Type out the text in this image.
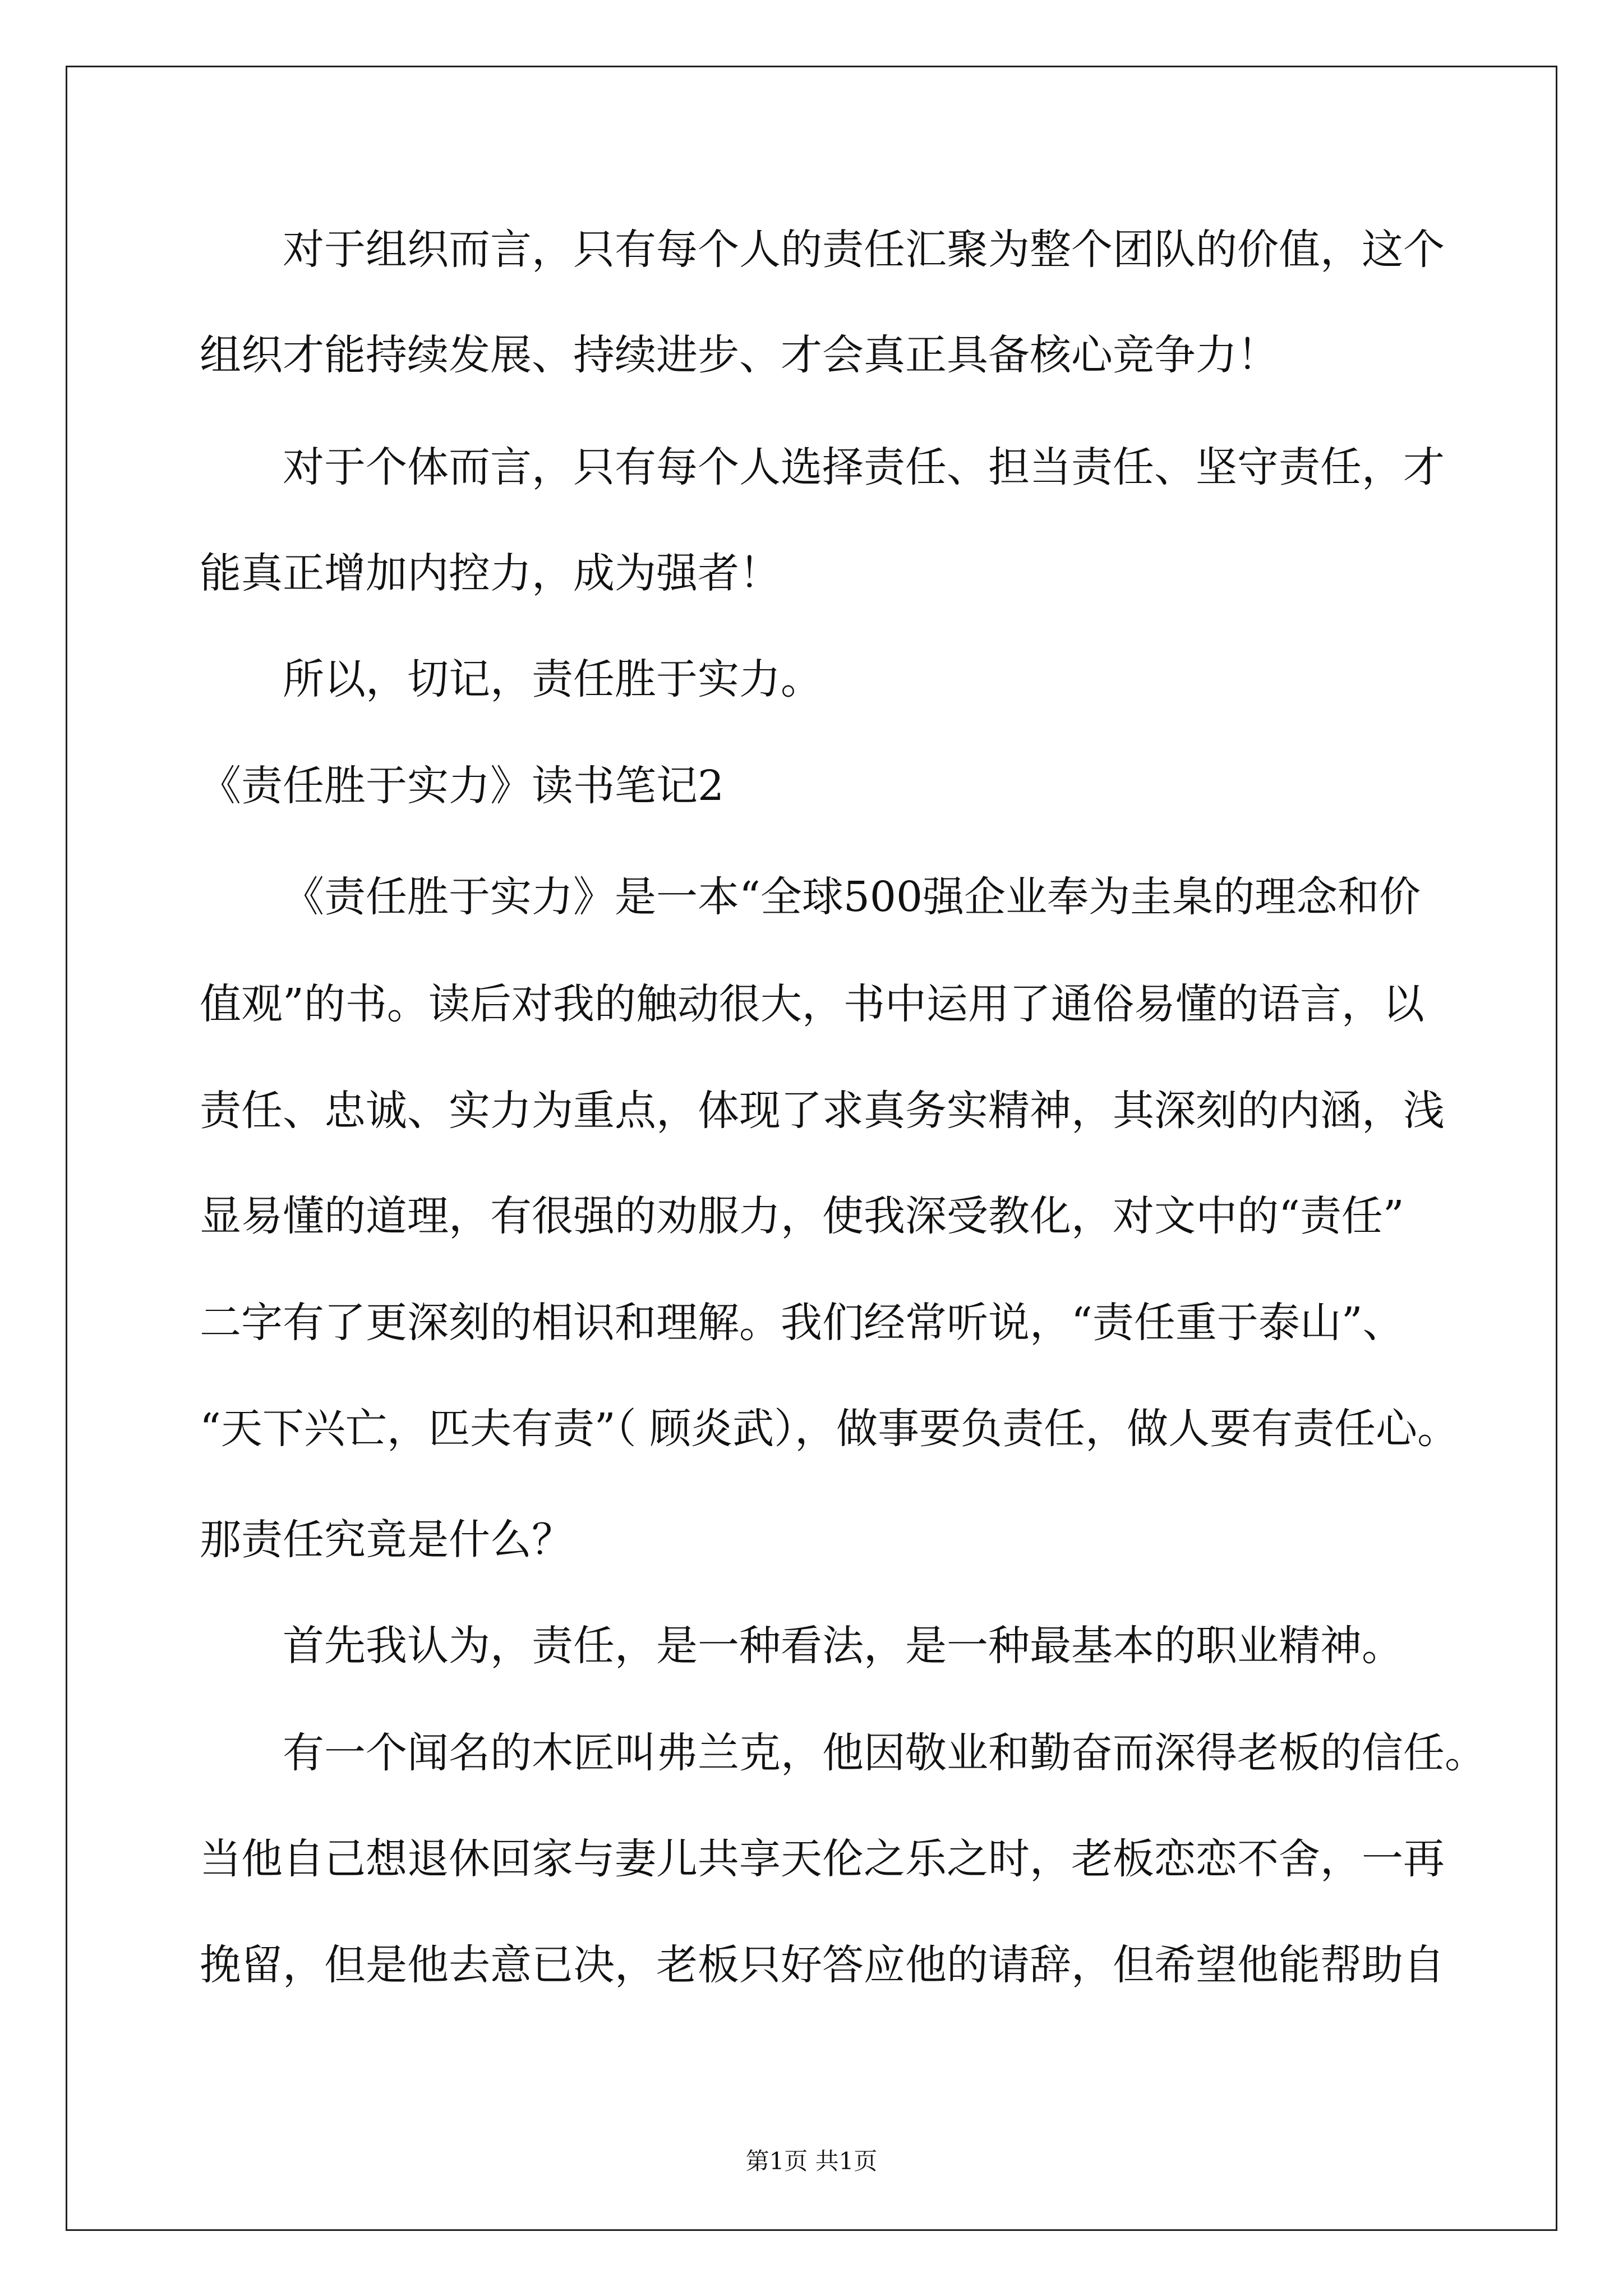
对于组织而言，只有每个人的责任汇聚为整个团队的价值，这个
组织才能持续发展、持续进步、才会真正具备核心竞争力！
对于个体而言，只有每个人选择责任、担当责任、坚守责任，才
能真正增加内控力，成为强者！
所以，切记，责任胜于实力。
《责任胜于实力》读书笔记2
《责任胜于实力》是一本“全球500强企业奉为圭臬的理念和价
值观”的书。读后对我的触动很大，书中运用了通俗易懂的语言，以
责任、忠诚、实力为重点，体现了求真务实精神，其深刻的内涵，浅
显易懂的道理，有很强的劝服力，使我深受教化，对文中的“责任”
二字有了更深刻的相识和理解。我们经常听说，“责任重于泰山”、
“天下兴亡，匹夫有责”（ 顾炎武），做事要负责任，做人要有责任心。
那责任究竟是什么？
首先我认为，责任，是一种看法，是一种最基本的职业精神。
有一个闻名的木匠叫弗兰克，他因敬业和勤奋而深得老板的信任。
当他自己想退休回家与妻儿共享天伦之乐之时，老板恋恋不舍，一再
挽留，但是他去意已决，老板只好答应他的请辞，但希望他能帮助自
第1页 共1页
